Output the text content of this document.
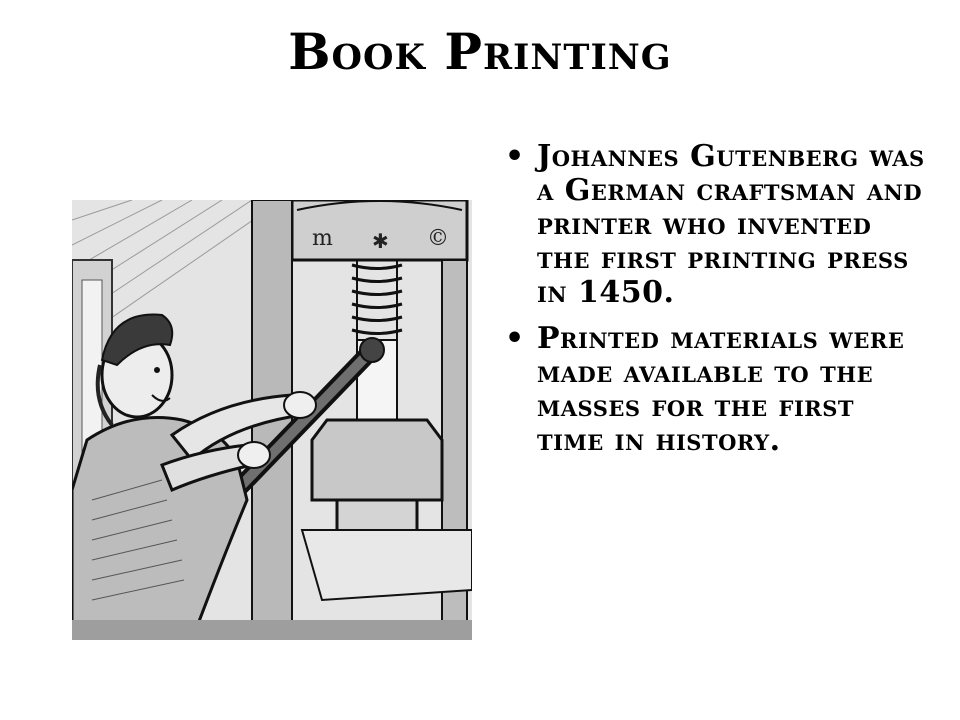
Book Printing
m ✱ ©
• Johannes Gutenberg was a German craftsman and printer who invented the first printing press in 1450.
• Printed materials were made available to the masses for the first time in history.
